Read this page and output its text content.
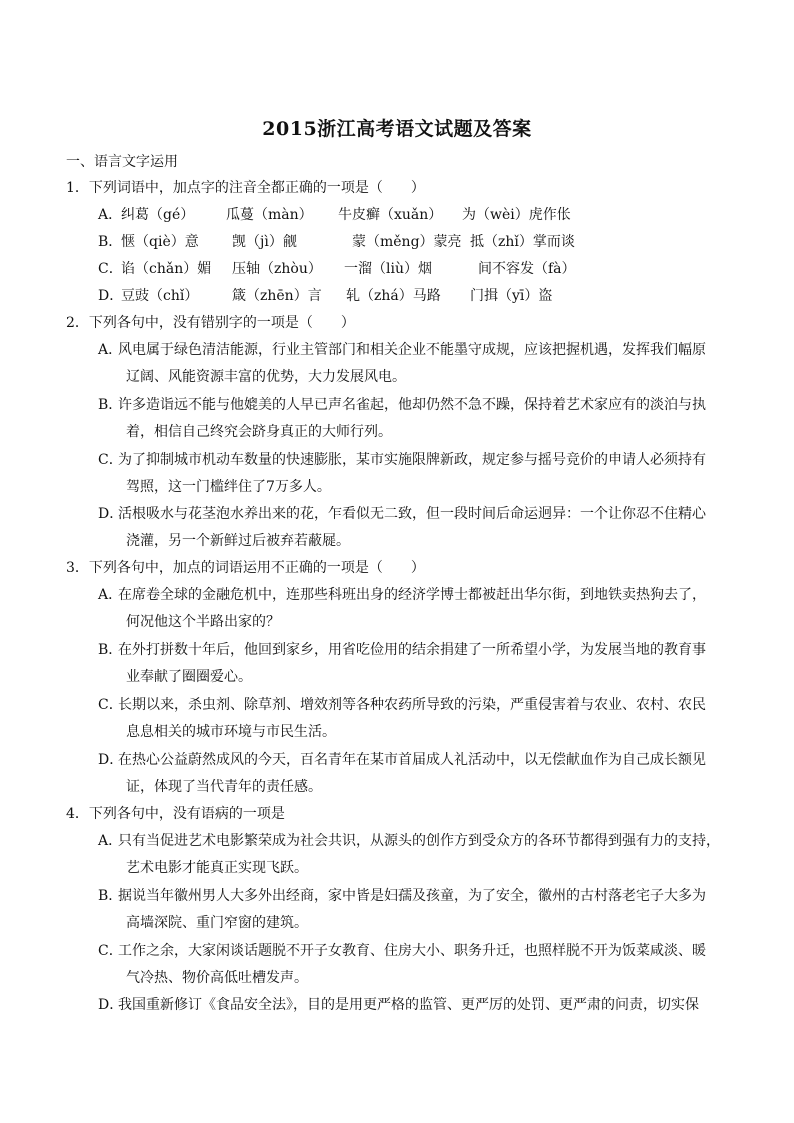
2015浙江高考语文试题及答案
一、语言文字运用
1．下列词语中，加点字的注音全都正确的一项是（　　）
A．
纠葛（gé） 瓜蔓（màn） 牛皮癣（xuǎn） 为（wèi）虎作伥
B．
惬（qiè）意 觊（jì）觎	蒙（měng）蒙亮 抵（zhǐ）掌而谈
C．
谄（chǎn）媚 压轴（zhòu） 一溜（liù）烟	间不容发（fà）
D．
豆豉（chǐ） 箴（zhēn）言 轧（zhá）马路 门揖（yī）盗
2．下列各句中，没有错别字的一项是（　　）
A．风电属于绿色清洁能源，行业主管部门和相关企业不能墨守成规，应该把握机遇，发挥我们幅原
辽阔、风能资源丰富的优势，大力发展风电。
B．许多造诣远不能与他媲美的人早已声名雀起，他却仍然不急不躁，保持着艺术家应有的淡泊与执
着，相信自己终究会跻身真正的大师行列。
C．为了抑制城市机动车数量的快速膨胀，某市实施限牌新政，规定参与摇号竞价的申请人必须持有
驾照，这一门槛绊住了7万多人。
D．活根吸水与花茎泡水养出来的花，乍看似无二致，但一段时间后命运迥异：一个让你忍不住精心
浇灌，另一个新鲜过后被弃若蔽屣。
3．下列各句中，加点的词语运用不正确的一项是（　　）
A．在席卷全球的金融危机中，连那些科班出身的经济学博士都被赶出华尔街，到地铁卖热狗去了，
何况他这个半路出家的？
B．在外打拼数十年后，他回到家乡，用省吃俭用的结余捐建了一所希望小学，为发展当地的教育事
业奉献了圈圈爱心。
C．长期以来，杀虫剂、除草剂、增效剂等各种农药所导致的污染，严重侵害着与农业、农村、农民
息息相关的城市环境与市民生活。
D．在热心公益蔚然成风的今天，百名青年在某市首届成人礼活动中，以无偿献血作为自己成长额见
证，体现了当代青年的责任感。
4．下列各句中，没有语病的一项是
A．只有当促进艺术电影繁荣成为社会共识，从源头的创作方到受众方的各环节都得到强有力的支持，
艺术电影才能真正实现飞跃。
B．据说当年徽州男人大多外出经商，家中皆是妇孺及孩童，为了安全，徽州的古村落老宅子大多为
高墙深院、重门窄窗的建筑。
C．工作之余，大家闲谈话题脱不开子女教育、住房大小、职务升迁，也照样脱不开为饭菜咸淡、暖
气冷热、物价高低吐槽发声。
D．我国重新修订《食品安全法》，目的是用更严格的监管、更严厉的处罚、更严肃的问责，切实保
